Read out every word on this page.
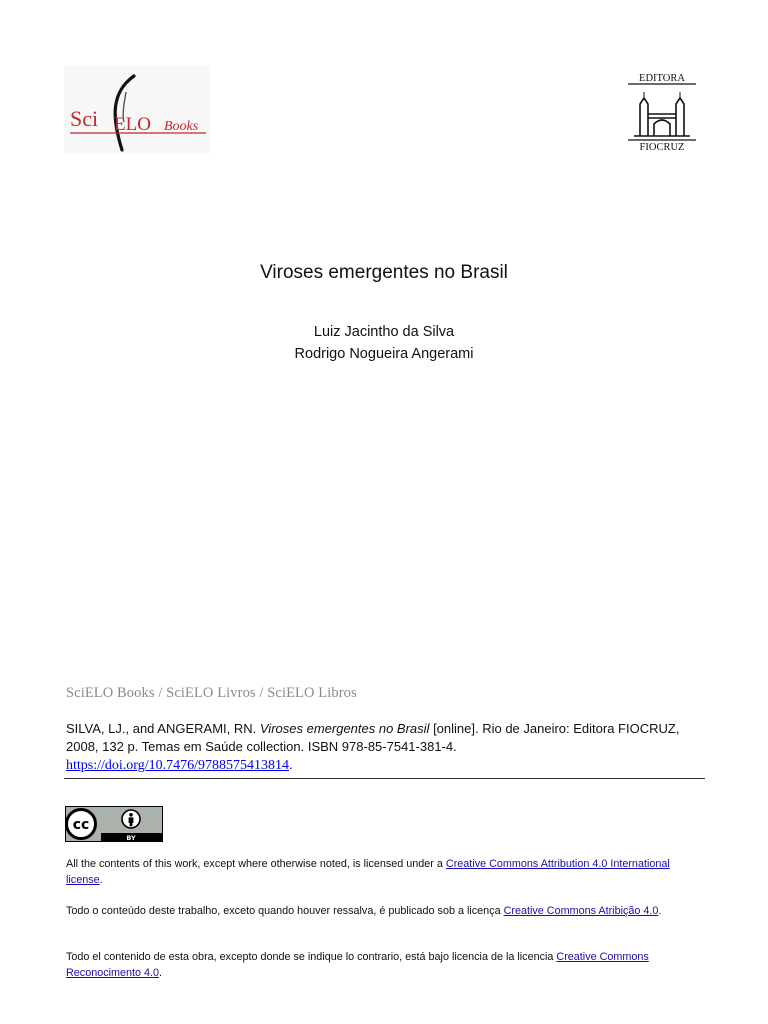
Sci ELO Books
EDITORA
FIOCRUZ
Viroses emergentes no Brasil
Luiz Jacintho da Silva
Rodrigo Nogueira Angerami
SciELO Books / SciELO Livros / SciELO Libros
SILVA, LJ., and ANGERAMI, RN. Viroses emergentes no Brasil [online]. Rio de Janeiro: Editora FIOCRUZ, 2008, 132 p. Temas em Saúde collection. ISBN 978-85-7541-381-4.
https://doi.org/10.7476/9788575413814.
cc
BY
All the contents of this work, except where otherwise noted, is licensed under a Creative Commons Attribution 4.0 International license.
Todo o conteúdo deste trabalho, exceto quando houver ressalva, é publicado sob a licença Creative Commons Atribição 4.0.
Todo el contenido de esta obra, excepto donde se indique lo contrario, está bajo licencia de la licencia Creative Commons Reconocimento 4.0.
